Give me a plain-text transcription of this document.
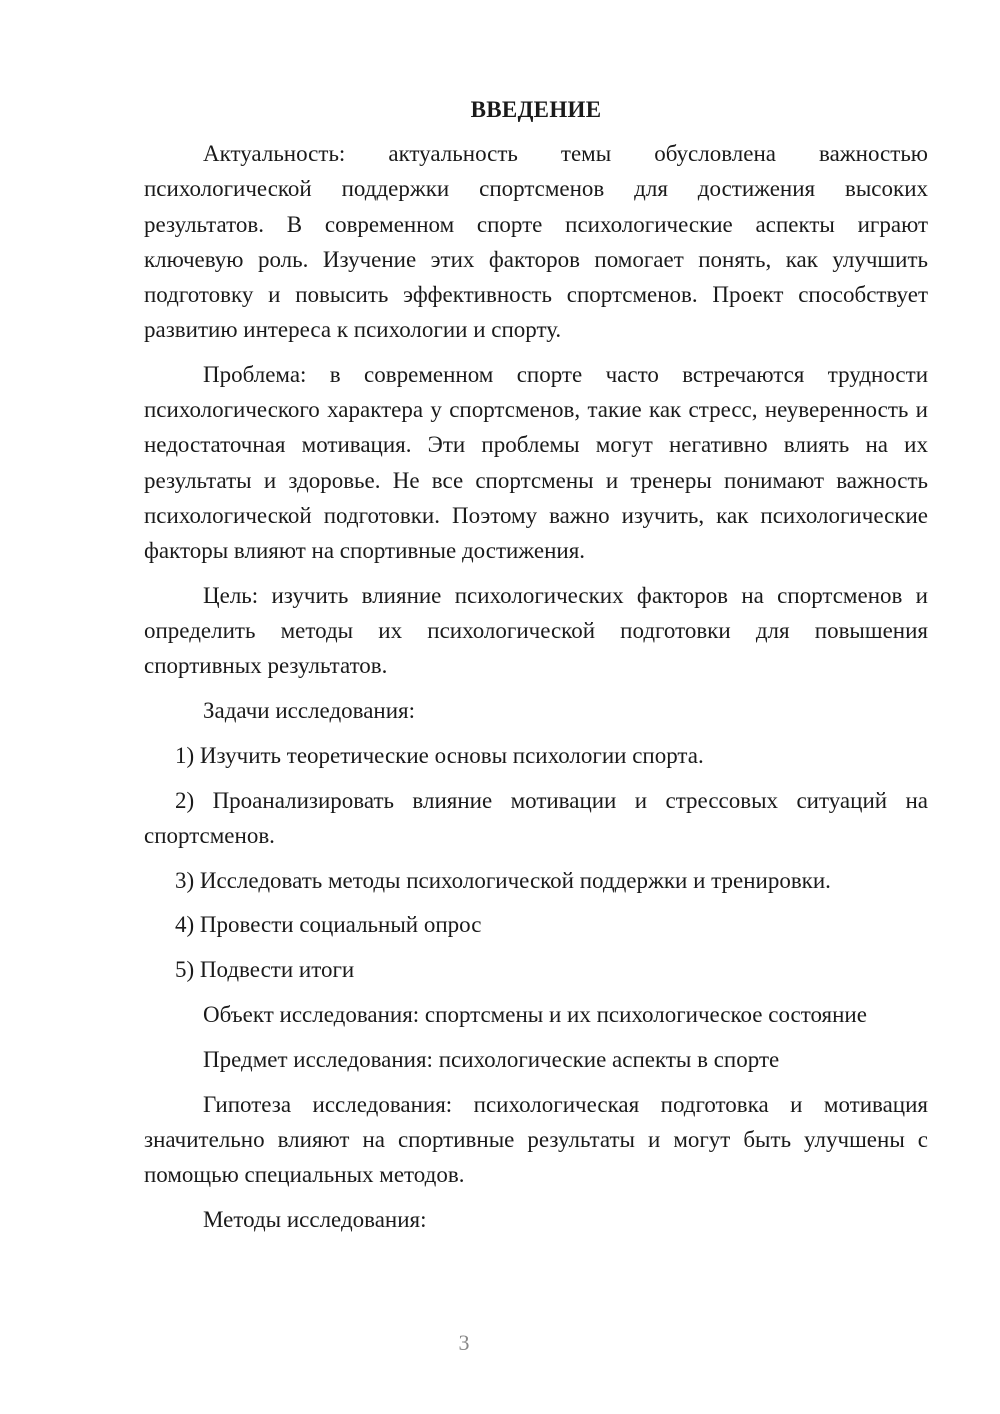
ВВЕДЕНИЕ

Актуальность: актуальность темы обусловлена важностью психологической поддержки спортсменов для достижения высоких результатов. В современном спорте психологические аспекты играют ключевую роль. Изучение этих факторов помогает понять, как улучшить подготовку и повысить эффективность спортсменов. Проект способствует развитию интереса к психологии и спорту.

Проблема: в современном спорте часто встречаются трудности психологического характера у спортсменов, такие как стресс, неуверенность и недостаточная мотивация. Эти проблемы могут негативно влиять на их результаты и здоровье. Не все спортсмены и тренеры понимают важность психологической подготовки. Поэтому важно изучить, как психологические факторы влияют на спортивные достижения.

Цель: изучить влияние психологических факторов на спортсменов и определить методы их психологической подготовки для повышения спортивных результатов.

Задачи исследования:

1) Изучить теоретические основы психологии спорта.

2) Проанализировать влияние мотивации и стрессовых ситуаций на спортсменов.

3) Исследовать методы психологической поддержки и тренировки.

4) Провести социальный опрос

5) Подвести итоги

Объект исследования: спортсмены и их психологическое состояние

Предмет исследования: психологические аспекты в спорте

Гипотеза исследования: психологическая подготовка и мотивация значительно влияют на спортивные результаты и могут быть улучшены с помощью специальных методов.

Методы исследования:

3
